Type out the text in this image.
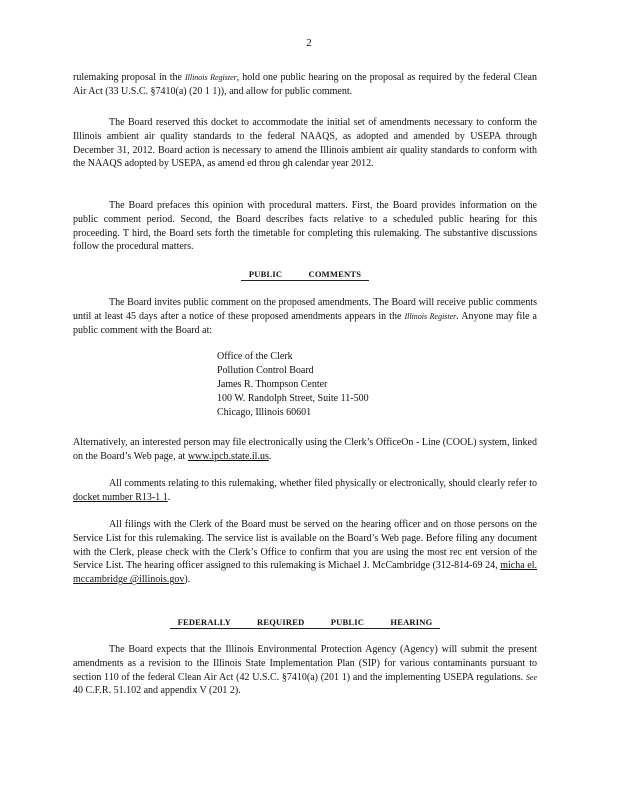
2

rulemaking proposal in the Illinois Register, hold one public hearing on the proposal as required by the federal Clean Air Act (33 U.S.C. §7410(a) (20 1 1)), and allow for public comment.

The Board reserved this docket to accommodate the initial set of amendments necessary to conform the Illinois ambient air quality standards to the federal NAAQS, as adopted and amended by USEPA through December 31, 2012. Board action is necessary to amend the Illinois ambient air quality standards to conform with the NAAQS adopted by USEPA, as amend ed throu gh calendar year 2012.

The Board prefaces this opinion with procedural matters. First, the Board provides information on the public comment period. Second, the Board describes facts relative to a scheduled public hearing for this proceeding. T hird, the Board sets forth the timetable for completing this rulemaking. The substantive discussions follow the procedural matters.

PUBLIC COMMENTS

The Board invites public comment on the proposed amendments. The Board will receive public comments until at least 45 days after a notice of these proposed amendments appears in the Illinois Register. Anyone may file a public comment with the Board at:

Office of the Clerk
Pollution Control Board
James R. Thompson Center
100 W. Randolph Street, Suite 11-500
Chicago, Illinois 60601

Alternatively, an interested person may file electronically using the Clerk’s OfficeOn - Line (COOL) system, linked on the Board’s Web page, at www.ipcb.state.il.us.

All comments relating to this rulemaking, whether filed physically or electronically, should clearly refer to docket number R13-1 1.

All filings with the Clerk of the Board must be served on the hearing officer and on those persons on the Service List for this rulemaking. The service list is available on the Board’s Web page. Before filing any document with the Clerk, please check with the Clerk’s Office to confirm that you are using the most rec ent version of the Service List. The hearing officer assigned to this rulemaking is Michael J. McCambridge (312-814-69 24, micha el. mccambridge @illinois.gov).

FEDERALLY REQUIRED PUBLIC HEARING

The Board expects that the Illinois Environmental Protection Agency (Agency) will submit the present amendments as a revision to the Illinois State Implementation Plan (SIP) for various contaminants pursuant to section 110 of the federal Clean Air Act (42 U.S.C. §7410(a) (201 1) and the implementing USEPA regulations. See 40 C.F.R. 51.102 and appendix V (201 2).
